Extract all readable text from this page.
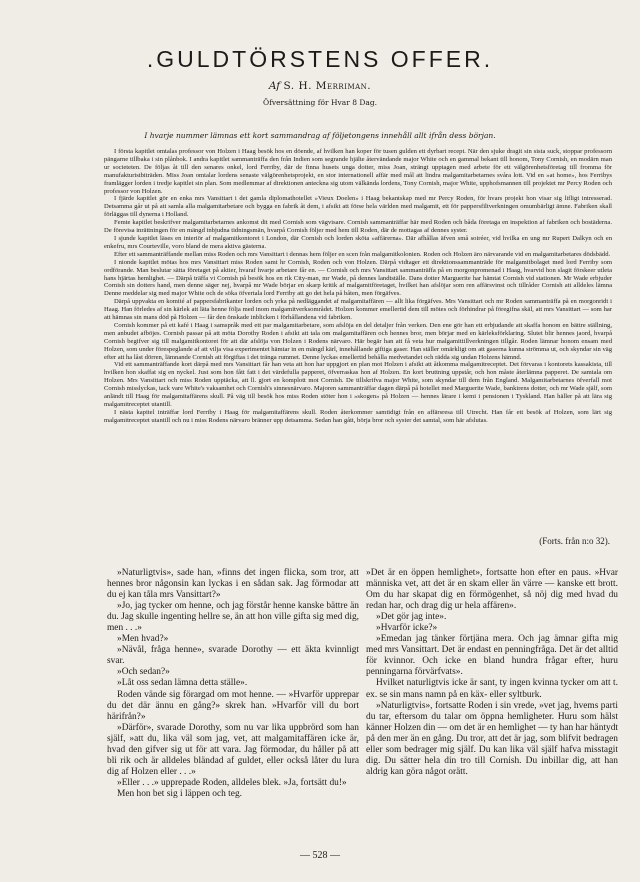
.GULDTÖRSTENS OFFER.
Af S. H. Merriman.
Öfversättning för Hvar 8 Dag.
I hvarje nummer lämnas ett kort sammandrag af följetongens innehåll allt ifrån dess början.

I första kapitlet omtalas professor von Holzen i Haag besök hos en döende, af hvilken han koper för tusen gulden ett dyrbart recept. När den sjuke dragit sin sista suck, stoppar professorn pängarne tillbaka i sin plånbok. I andra kapitlet sammanträffa den från Indien som segrande hjälte återvändande major White och en gammal bekant till honom, Tony Cornish, en modärn man ur societeten. De följas åt till den senares onkel, lord Ferriby, där de finna husets unga dotter, miss Joan, strängt upptagen med arbete för ett välgörenhetsföretag till fromma för manufakturistbiträden. Miss Joan omtalar lordens senaste välgörenhetsprojekt, en stor internationell affär med mål att lindra malgamitarbetarnes svåra lott. Vid en »at home», hos Ferribys framlägger lorden i tredje kapitlet sin plan. Som medlemmar af direktionen anteckna sig utom välkända lordens, Tony Cornish, major White, upphofsmannen till projektet mr Percy Roden och professor von Holzen.

I fjärde kapitlet gör en enka mrs Vansittart i det gamla diplomathotellet »Vieux Doelen» i Haag bekantskap med mr Percy Roden, för hvars projekt hon visar sig lifligt intresserad. Detsamma går ut på att samla alla malgamitarbetare och bygga en fabrik åt dem, i afsikt att förse hela världen med malgamit, ett för pappersfiltverkningen omumbärligt ämne. Fabriken skall förläggas till dynerna i Holland.

Femte kapitlet beskrifver malgamitarbetarnes ankomst dit med Cornish som vägvisare. Cornish sammanträffar här med Roden och båda företaga en inspektion af fabriken och bostäderna. De förevisa inrättningen för en mängd inbjudna tidningsmän, hvarpå Cornish följer med hem till Roden, där de mottagas af dennes syster.

I sjunde kapitlet läses en interiör af malgamitkontoret i London, där Cornish och lorden sköta »affärerna». Där afhållas äfven små soiréer, vid hvilka en ung mr Rupert Dalkyn och en enkefru, mrs Courteville, voro bland de mera aktiva gästerna.

Efter ett sammanträffande mellan miss Roden och mrs Vansittart i dennas hem följer en scen från malgamitkolonien. Roden och Holzen äro närvarande vid en malgamitarbetares dödsbädd.

I nionde kapitlet mötas hos mrs Vansittart miss Roden samt hr Cornish, Roden och von Holzen. Därpå vidtager ett direktionssammanträde för malgamitbolaget med lord Ferriby som ordförande. Man beslutar sätta företaget på aktier, hvaraf hvarje arbetare får en. — Cornish och mrs Vansittart sammanträffa på en morgonpromenad i Haag, hvarvid hon slagit förskeer utleta hans hjärtas hemlighet. — Därpå träffa vi Cornish på besök hos en rik City-man, mr Wade, på dennes landtställe. Dans dotter Marguerite har hämtat Cornish vid stationen. Mr Wade erbjuder Cornish sin dotters hand, men denne säger nej, hvarpå mr Wade börjar en skarp kritik af malgamitföretaget, hvilket han afslöjar som ren affärsvinst och tillråder Cornish att alldeles lämna Denne meddelar sig med major White och de söka öfvertala lord Ferriby att go det hela på båten, men förgäfves.

Därpå uppvakta en komité af pappersfabrikanter lorden och yrka på nedläggandet af malgamitaffären — allt lika förgäfves. Mrs Vansittart och mr Roden sammanträffa på en morgonridt i Haag. Han förledes af sin kärlek att läta henne följa med inom malgamitverksområdet. Holzen kommer emellertid dem till mötes och förhindrar på föregifna skäl, att mrs Vansittart — som har att hämnas sin mans död på Holzen — får den önskade inblicken i förhållandena vid fabriken.

Cornish kommer på ett kafé i Haag i samspråk med ett par malgamitarbetare, som afslöja en del detaljer från verken. Den ene gör han ett erbjudande att skaffa honom en bättre ställning, men anbudet afböjes. Cornish passar på att möta Dorothy Roden i afsikt att tala om malgamitaffären och hennes bror, men börjar med en kärleksförklaring. Slutet blir hennes jaord, hvarpå Cornish begifver sig till malgamitkontoret för att där afslöja von Holzen i Rodens närvaro. Här begär han att få veta hur malgamittillverkningen tillgår. Roden lämnar honom ensam med Holzen, som under förespeglande af att vilja visa experimentet hämtar in en mängd kärl, innehållande giftiga gaser. Han ställer omärkligt om att gaserna kunna strömma ut, och skyndar sin väg efter att ha låst dörren, lämnande Cornish att förgiftas i det tränga rummet. Denne lyckas emellertid behålla medvetandet och rädda sig undan Holzens hämnd.

Vid ett sammanträffande kort därpå med mrs Vansittart får han veta att hon har uppgjort en plan mot Holzen i afsikt att åtkomma malgamitreceptet. Det förvaras i kontorets kassakista, till hvilken hon skaffat sig en nyckel. Just som hon fått fatt i det värdefulla papperet, öfverraskas hon af Holzen. En kort bruttning uppstår, och hon måste återlämna papperet. De samtala om Holzen. Mrs Vansittart och miss Roden upptäcka, att ll. gjort en komplott mot Cornish. De tillskrifva major White, som skyndar till dem från England. Malgamitarbetarnes öfverfall mot Cornish misslyckas, tack vare White's vaksamhet och Cornish's sinnesnärvaro. Majoren sammanträffar dagen därpå på hotellet med Marguerite Wade, bankirens dotter, och mr Wade själf, som anländt till Haag för malgamitaffärens skull. På väg till besök hos miss Roden stöter hon i »skogen» på Holzen — hennes lärare i kemi i pensionen i Tyskland. Han häller på att lära sig malgamitreceptet utantill.

I nästa kapitel inträffar lord Ferriby i Haag för malgamitaffärens skull. Roden återkommer samtidigt från en affärsresa till Utrecht. Han får ett besök af Holzen, som lärt sig malgamitreceptet utantill och nu i miss Rodens närvaro bränner upp detsamma. Sedan han gått, börja bror och syster det samtal, som här afslutas.

(Forts. från n:o 32).

»Naturligtvis», sade han, »finns det ingen flicka, som tror, att hennes bror någonsin kan lyckas i en sådan sak. Jag förmodar att du ej kan tåla mrs Vansittart?»

»Jo, jag tycker om henne, och jag förstår henne kanske bättre än du. Jag skulle ingenting hellre se, än att hon ville gifta sig med dig, men . . .»

»Men hvad?»

»Nävål, fråga henne», svarade Dorothy — ett äkta kvinnligt svar.

»Och sedan?»

»Låt oss sedan lämna detta ställe».

Roden vände sig förargad om mot henne. — »Hvarför upprepar du det där ännu en gång?» skrek han. »Hvarför vill du bort härifrån?»

»Därför», svarade Dorothy, som nu var lika uppbrörd som han själf, »att du, lika väl som jag, vet, att malgamitaffären icke är, hvad den gifver sig ut för att vara. Jag förmodar, du håller på att bli rik och är alldeles bländad af guldet, eller också låter du lura dig af Holzen eller . . .»

»Eller . . .» upprepade Roden, alldeles blek. »Ja, fortsätt du!»

Men hon bet sig i läppen och teg.

»Det är en öppen hemlighet», fortsatte hon efter en paus. »Hvar människa vet, att det är en skam eller än värre — kanske ett brott. Om du har skapat dig en förmögenhet, så nöj dig med hvad du redan har, och drag dig ur hela affären».

»Det gör jag inte».

»Hvarför icke?»

»Emedan jag tänker förtjäna mera. Och jag ämnar gifta mig med mrs Vansittart. Det är endast en penningfråga. Det är det alltid för kvinnor. Och icke en bland hundra frågar efter, huru penningarna förvärfvats».

Hvilket naturligtvis icke är sant, ty ingen kvinna tycker om att t. ex. se sin mans namn på en käx- eller syltburk.

»Naturligtvis», fortsatte Roden i sin vrede, »vet jag, hvems parti du tar, eftersom du talar om öppna hemligheter. Huru som hälst känner Holzen din — om det är en hemlighet — ty han har häntydt på den mer än en gång. Du tror, att det är jag, som blifvit bedragen eller som bedrager mig själf. Du kan lika väl själf hafva misstagit dig. Du sätter hela din tro till Cornish. Du inbillar dig, att han aldrig kan göra något orätt.

— 528 —
